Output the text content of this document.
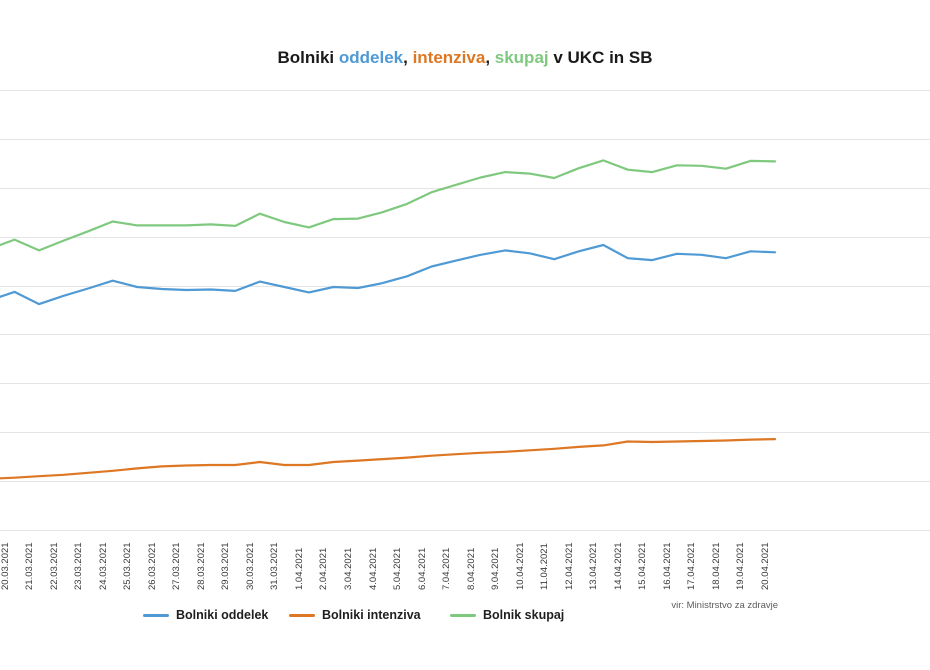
Bolniki oddelek, intenziva, skupaj v UKC in SB
20.03.2021 21.03.2021 22.03.2021 23.03.2021 24.03.2021 25.03.2021 26.03.2021 27.03.2021 28.03.2021 29.03.2021 30.03.2021 31.03.2021 1.04.2021 2.04.2021 3.04.2021 4.04.2021 5.04.2021 6.04.2021 7.04.2021 8.04.2021 9.04.2021 10.04.2021 11.04.2021 12.04.2021 13.04.2021 14.04.2021 15.04.2021 16.04.2021 17.04.2021 18.04.2021 19.04.2021 20.04.2021
Bolniki oddelek	Bolniki intenziva	Bolnik skupaj
vir: Ministrstvo za zdravje
